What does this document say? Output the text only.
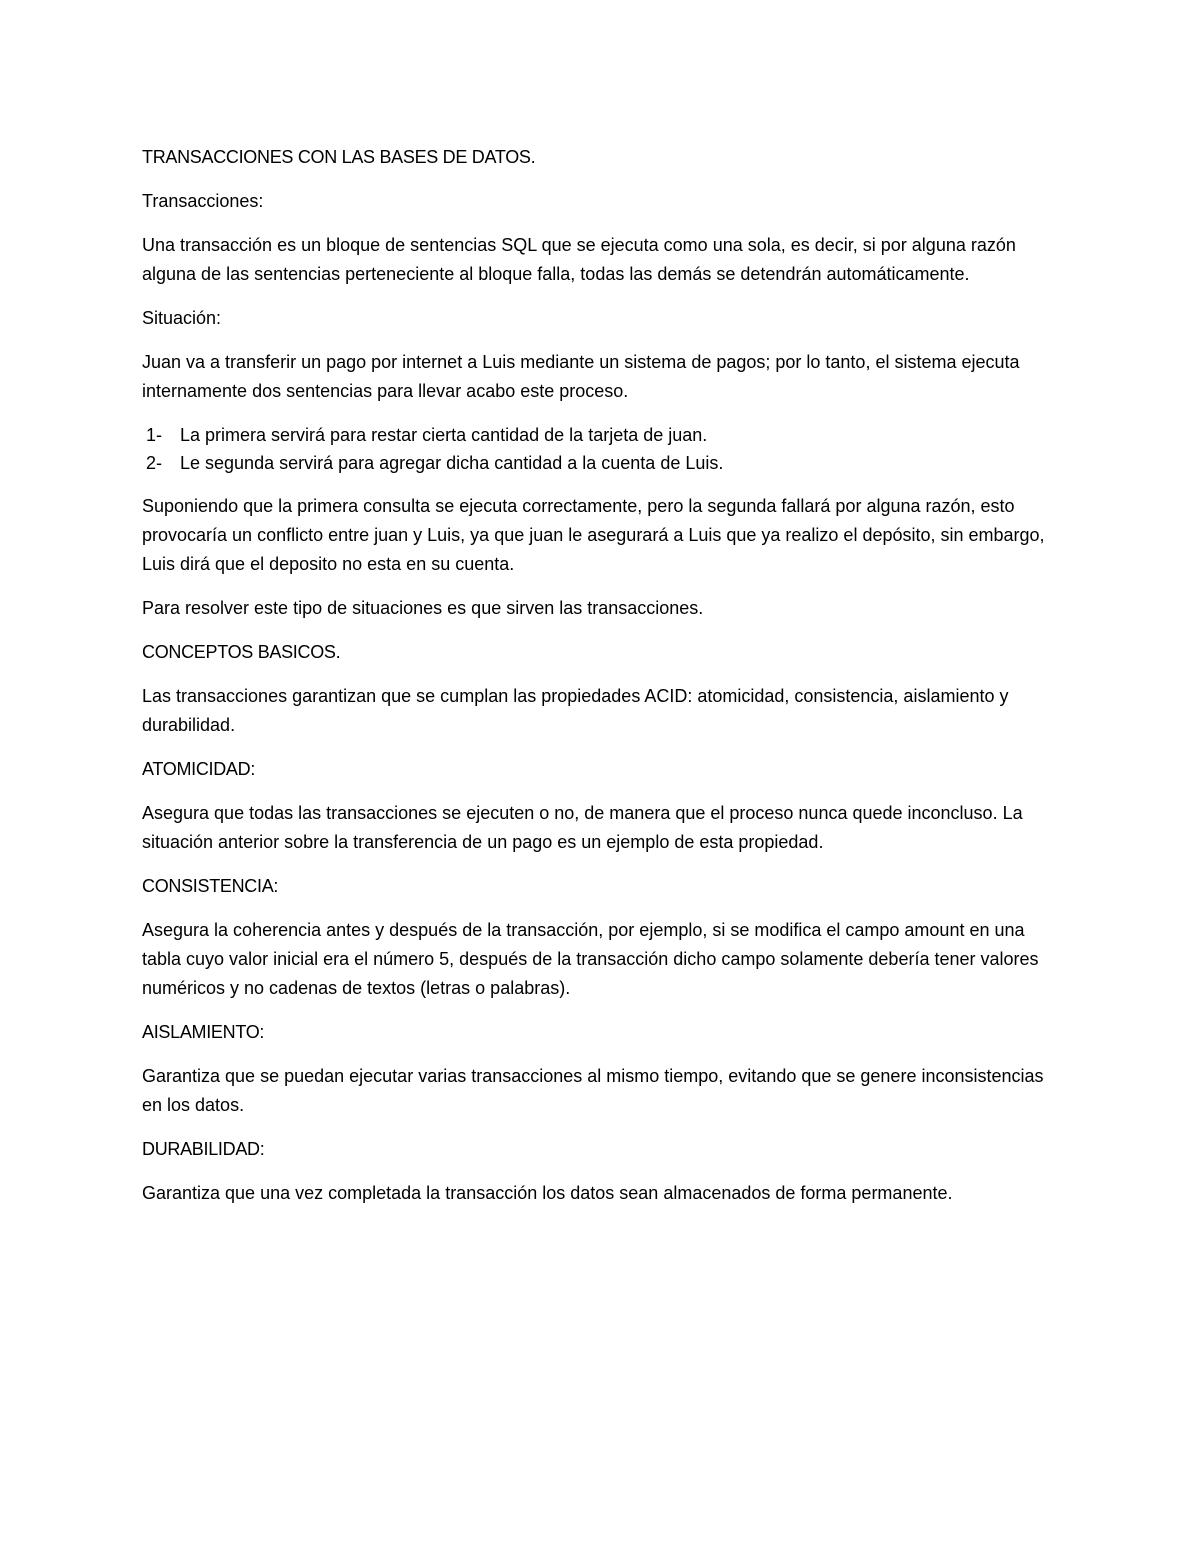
TRANSACCIONES CON LAS BASES DE DATOS.

Transacciones:

Una transacción es un bloque de sentencias SQL que se ejecuta como una sola, es decir, si por alguna razón alguna de las sentencias perteneciente al bloque falla, todas las demás se detendrán automáticamente.

Situación:

Juan va a transferir un pago por internet a Luis mediante un sistema de pagos; por lo tanto, el sistema ejecuta internamente dos sentencias para llevar acabo este proceso.

1- La primera servirá para restar cierta cantidad de la tarjeta de juan.
2- Le segunda servirá para agregar dicha cantidad a la cuenta de Luis.

Suponiendo que la primera consulta se ejecuta correctamente, pero la segunda fallará por alguna razón, esto provocaría un conflicto entre juan y Luis, ya que juan le asegurará a Luis que ya realizo el depósito, sin embargo, Luis dirá que el deposito no esta en su cuenta.

Para resolver este tipo de situaciones es que sirven las transacciones.

CONCEPTOS BASICOS.

Las transacciones garantizan que se cumplan las propiedades ACID: atomicidad, consistencia, aislamiento y durabilidad.

ATOMICIDAD:

Asegura que todas las transacciones se ejecuten o no, de manera que el proceso nunca quede inconcluso. La situación anterior sobre la transferencia de un pago es un ejemplo de esta propiedad.

CONSISTENCIA:

Asegura la coherencia antes y después de la transacción, por ejemplo, si se modifica el campo amount en una tabla cuyo valor inicial era el número 5, después de la transacción dicho campo solamente debería tener valores numéricos y no cadenas de textos (letras o palabras).

AISLAMIENTO:

Garantiza que se puedan ejecutar varias transacciones al mismo tiempo, evitando que se genere inconsistencias en los datos.

DURABILIDAD:

Garantiza que una vez completada la transacción los datos sean almacenados de forma permanente.
